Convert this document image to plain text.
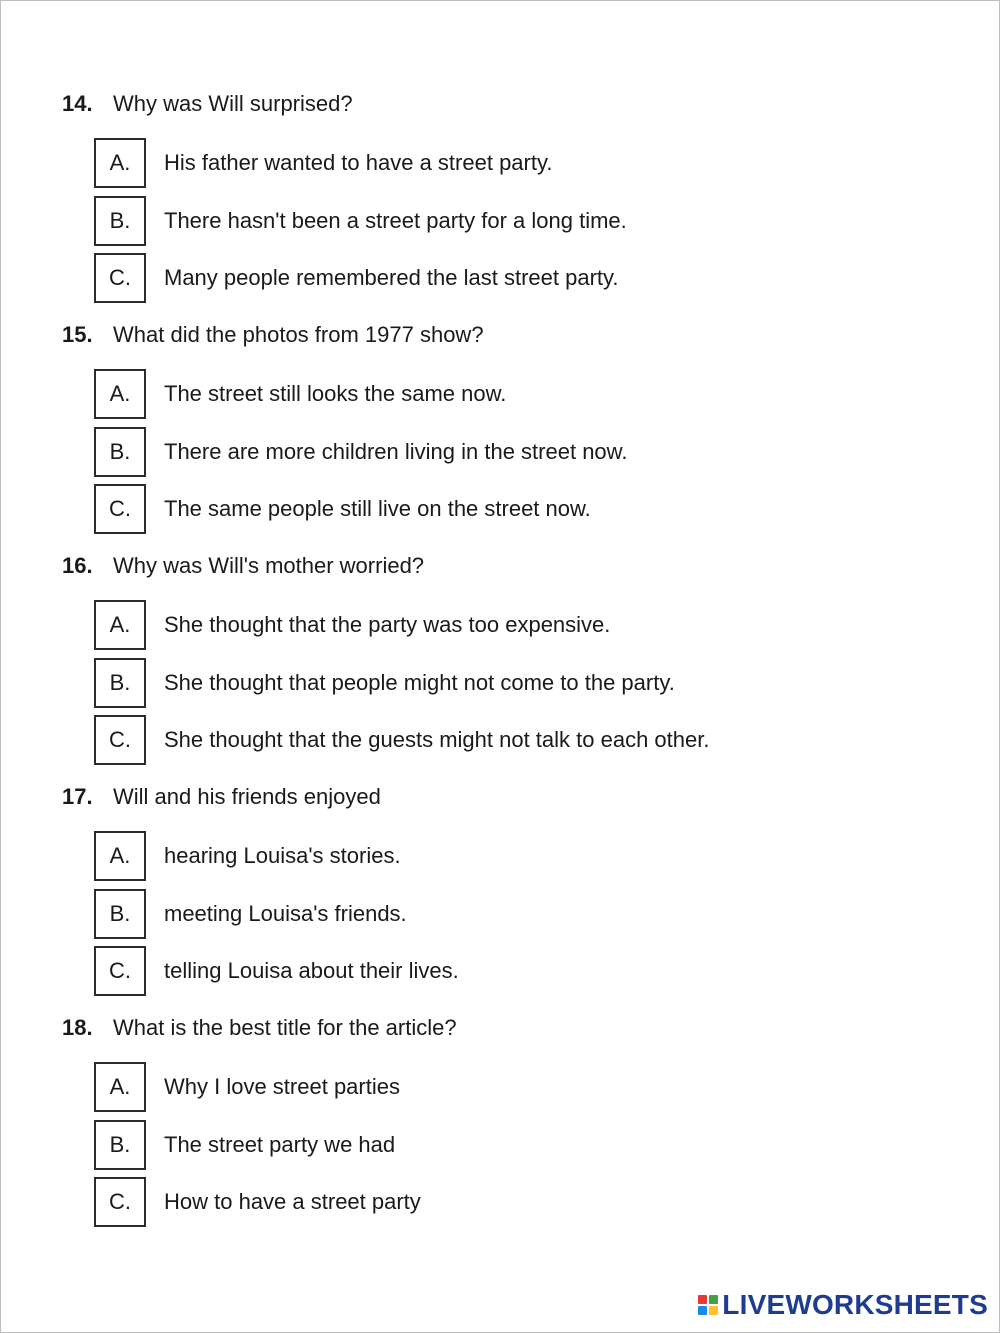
14. Why was Will surprised?
A.	His father wanted to have a street party.
B.	There hasn't been a street party for a long time.
C.	Many people remembered the last street party.
15. What did the photos from 1977 show?
A.	The street still looks the same now.
B.	There are more children living in the street now.
C.	The same people still live on the street now.
16. Why was Will's mother worried?
A.	She thought that the party was too expensive.
B.	She thought that people might not come to the party.
C.	She thought that the guests might not talk to each other.
17. Will and his friends enjoyed
A.	hearing Louisa's stories.
B.	meeting Louisa's friends.
C.	telling Louisa about their lives.
18. What is the best title for the article?
A.	Why I love street parties
B.	The street party we had
C.	How to have a street party
LIVEWORKSHEETS
